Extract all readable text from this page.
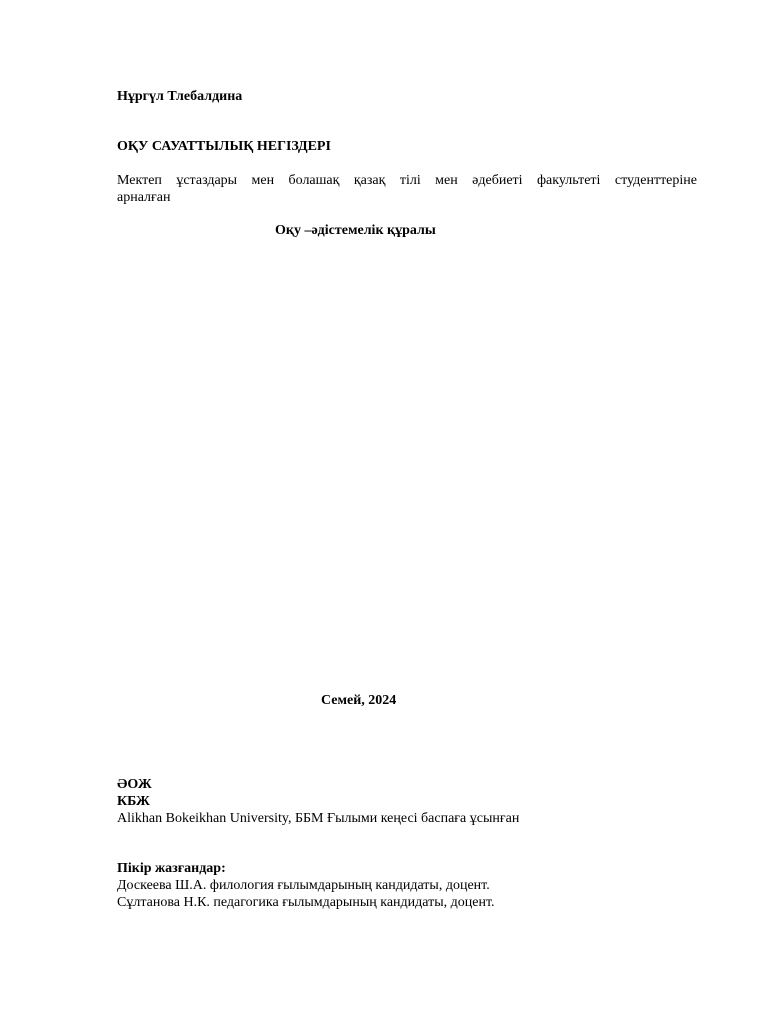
Нұргүл Тлебалдина
ОҚУ САУАТТЫЛЫҚ НЕГІЗДЕРІ
Мектеп ұстаздары мен болашақ қазақ тілі мен әдебиеті факультеті студенттеріне
арналған
Оқу –әдістемелік құралы
Семей, 2024
ӘОЖ
КБЖ
Alikhan Bokeikhan University, ББМ Ғылыми кеңесі баспаға ұсынған
Пікір жазғандар:
Доскеева Ш.А. филология ғылымдарының кандидаты, доцент.
Сұлтанова Н.К. педагогика ғылымдарының кандидаты, доцент.
